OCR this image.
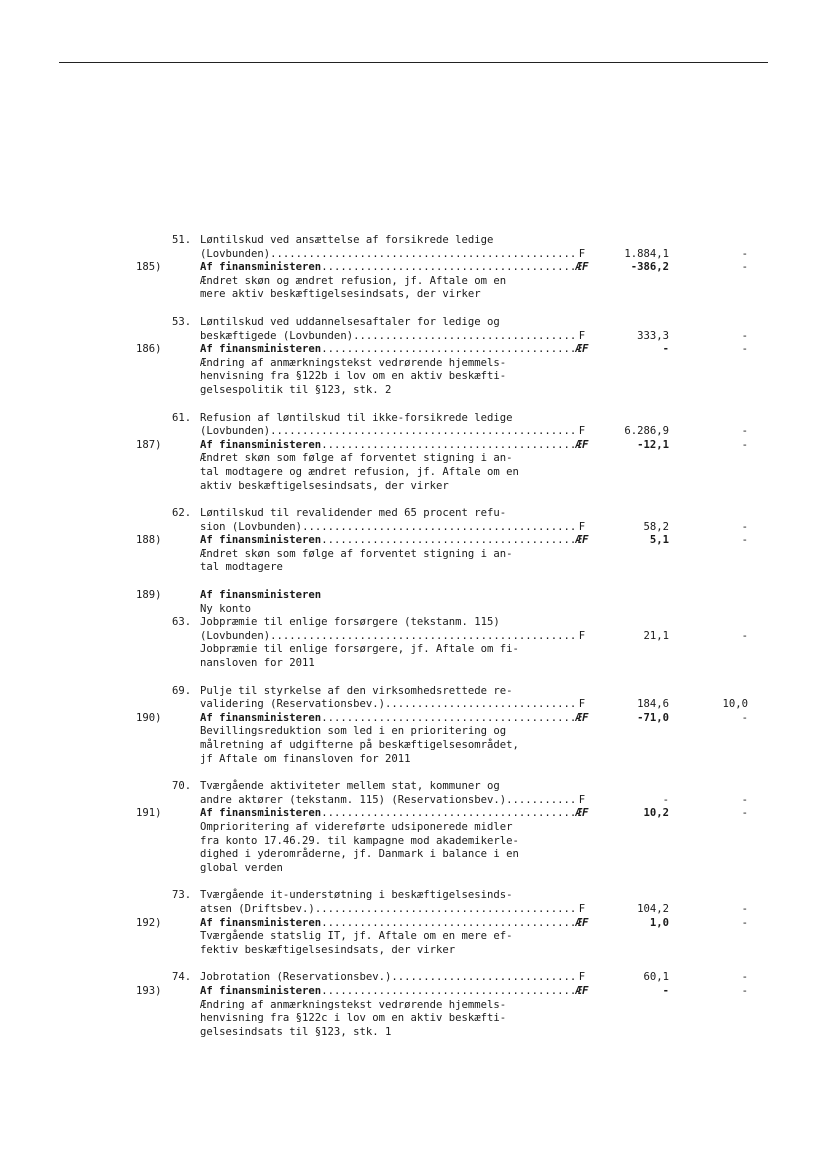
51. Løntilskud ved ansættelse af forsikrede ledige
(Lovbunden) .....	F	1.884,1	-
185)	Af finansministeren .....	ÆF	-386,2	-
Ændret skøn og ændret refusion, jf. Aftale om en
mere aktiv beskæftigelsesindsats, der virker
53. Løntilskud ved uddannelsesaftaler for ledige og
beskæftigede (Lovbunden) .....	F	333,3	-
186)	Af finansministeren .....	ÆF	-	-
Ændring af anmærkningstekst vedrørende hjemmels-
henvisning fra §122b i lov om en aktiv beskæfti-
gelsespolitik til §123, stk. 2
61. Refusion af løntilskud til ikke-forsikrede ledige
(Lovbunden) .....	F	6.286,9	-
187)	Af finansministeren .....	ÆF	-12,1	-
Ændret skøn som følge af forventet stigning i an-
tal modtagere og ændret refusion, jf. Aftale om en
aktiv beskæftigelsesindsats, der virker
62. Løntilskud til revalidender med 65 procent refu-
sion (Lovbunden) .....	F	58,2	-
188)	Af finansministeren .....	ÆF	5,1	-
Ændret skøn som følge af forventet stigning i an-
tal modtagere
189)	Af finansministeren
Ny konto
63. Jobpræmie til enlige forsørgere (tekstanm. 115)
(Lovbunden) .....	F	21,1	-
Jobpræmie til enlige forsørgere, jf. Aftale om fi-
nansloven for 2011
69. Pulje til styrkelse af den virksomhedsrettede re-
validering (Reservationsbev.) .....	F	184,6	10,0
190)	Af finansministeren .....	ÆF	-71,0	-
Bevillingsreduktion som led i en prioritering og
målretning af udgifterne på beskæftigelsesområdet,
jf Aftale om finansloven for 2011
70. Tværgående aktiviteter mellem stat, kommuner og
andre aktører (tekstanm. 115) (Reservationsbev.) .....	F	-	-
191)	Af finansministeren .....	ÆF	10,2	-
Omprioritering af videreførte udsiponerede midler
fra konto 17.46.29. til kampagne mod akademikerle-
dighed i yderområderne, jf. Danmark i balance i en
global verden
73. Tværgående it-understøtning i beskæftigelsesinds-
atsen (Driftsbev.) .....	F	104,2	-
192)	Af finansministeren .....	ÆF	1,0	-
Tværgående statslig IT, jf. Aftale om en mere ef-
fektiv beskæftigelsesindsats, der virker
74. Jobrotation (Reservationsbev.) .....	F	60,1	-
193)	Af finansministeren .....	ÆF	-	-
Ændring af anmærkningstekst vedrørende hjemmels-
henvisning fra §122c i lov om en aktiv beskæfti-
gelsesindsats til §123, stk. 1
